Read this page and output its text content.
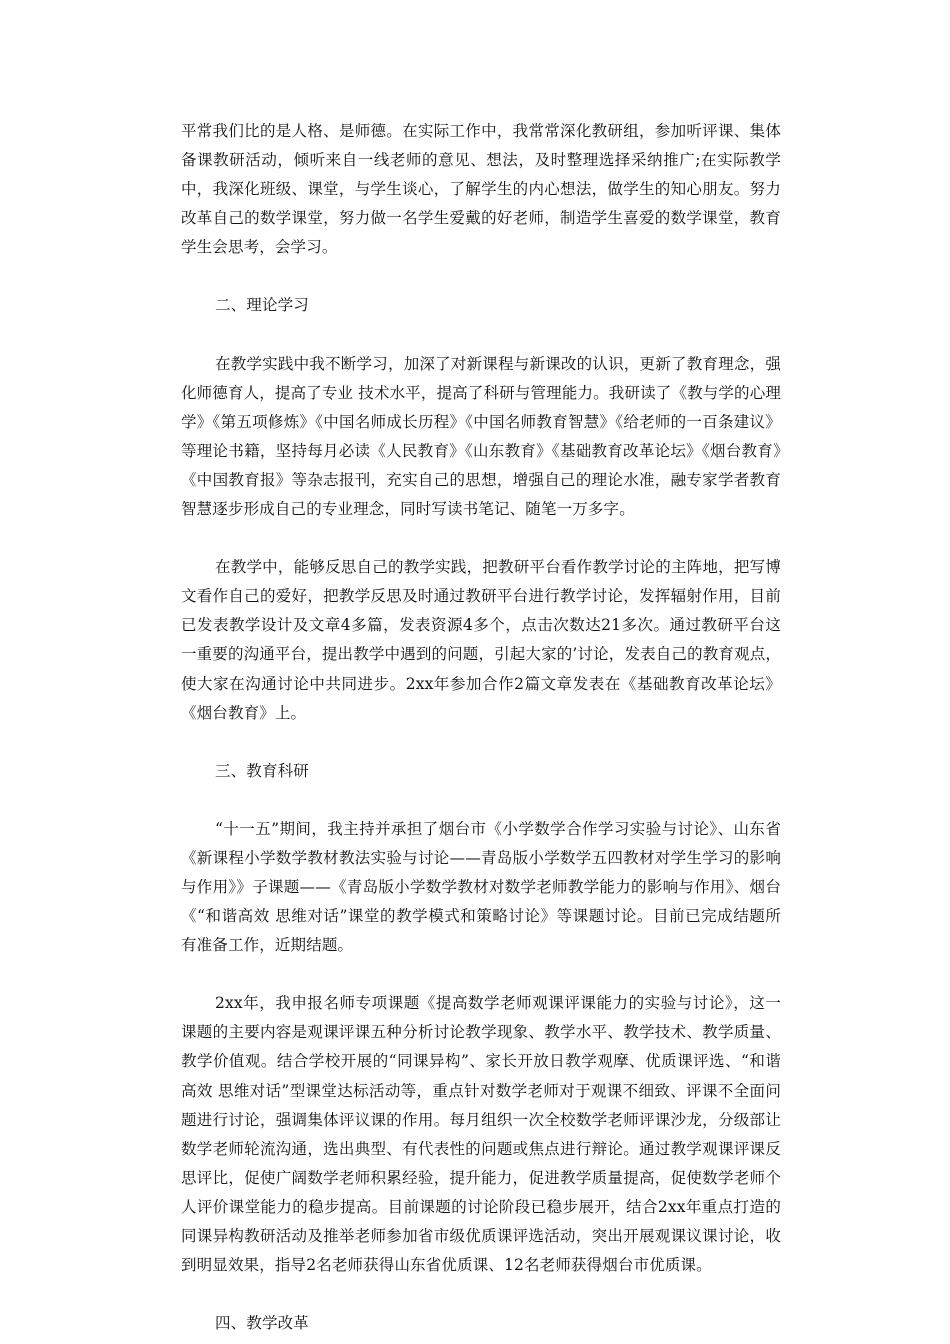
平常我们比的是人格、是师德。在实际工作中，我常常深化教研组，参加听评课、集体备课教研活动，倾听来自一线老师的意见、想法，及时整理选择采纳推广;在实际教学中，我深化班级、课堂，与学生谈心，了解学生的内心想法，做学生的知心朋友。努力改革自己的数学课堂，努力做一名学生爱戴的好老师，制造学生喜爱的数学课堂，教育学生会思考，会学习。

二、理论学习

在教学实践中我不断学习，加深了对新课程与新课改的认识，更新了教育理念，强化师德育人，提高了专业 技术水平，提高了科研与管理能力。我研读了《教与学的心理学》《第五项修炼》《中国名师成长历程》《中国名师教育智慧》《给老师的一百条建议》等理论书籍，坚持每月必读《人民教育》《山东教育》《基础教育改革论坛》《烟台教育》《中国教育报》等杂志报刊，充实自己的思想，增强自己的理论水准，融专家学者教育智慧逐步形成自己的专业理念，同时写读书笔记、随笔一万多字。

在教学中，能够反思自己的教学实践，把教研平台看作教学讨论的主阵地，把写博文看作自己的爱好，把教学反思及时通过教研平台进行教学讨论，发挥辐射作用，目前已发表教学设计及文章4多篇，发表资源4多个，点击次数达21多次。通过教研平台这一重要的沟通平台，提出教学中遇到的问题，引起大家的’讨论，发表自己的教育观点，使大家在沟通讨论中共同进步。2xx年参加合作2篇文章发表在《基础教育改革论坛》《烟台教育》上。

三、教育科研

“十一五”期间，我主持并承担了烟台市《小学数学合作学习实验与讨论》、山东省《新课程小学数学教材教法实验与讨论——青岛版小学数学五四教材对学生学习的影响与作用》》子课题——《青岛版小学数学教材对数学老师教学能力的影响与作用》、烟台《“和谐高效 思维对话”课堂的教学模式和策略讨论》等课题讨论。目前已完成结题所有准备工作，近期结题。

2xx年，我申报名师专项课题《提高数学老师观课评课能力的实验与讨论》，这一课题的主要内容是观课评课五种分析讨论教学现象、教学水平、教学技术、教学质量、教学价值观。结合学校开展的“同课异构”、家长开放日教学观摩、优质课评选、“和谐高效 思维对话”型课堂达标活动等，重点针对数学老师对于观课不细致、评课不全面问题进行讨论，强调集体评议课的作用。每月组织一次全校数学老师评课沙龙，分级部让数学老师轮流沟通，选出典型、有代表性的问题或焦点进行辩论。通过教学观课评课反思评比，促使广阔数学老师积累经验，提升能力，促进教学质量提高，促使数学老师个人评价课堂能力的稳步提高。目前课题的讨论阶段已稳步展开，结合2xx年重点打造的同课异构教研活动及推举老师参加省市级优质课评选活动，突出开展观课议课讨论，收到明显效果，指导2名老师获得山东省优质课、12名老师获得烟台市优质课。

四、教学改革
